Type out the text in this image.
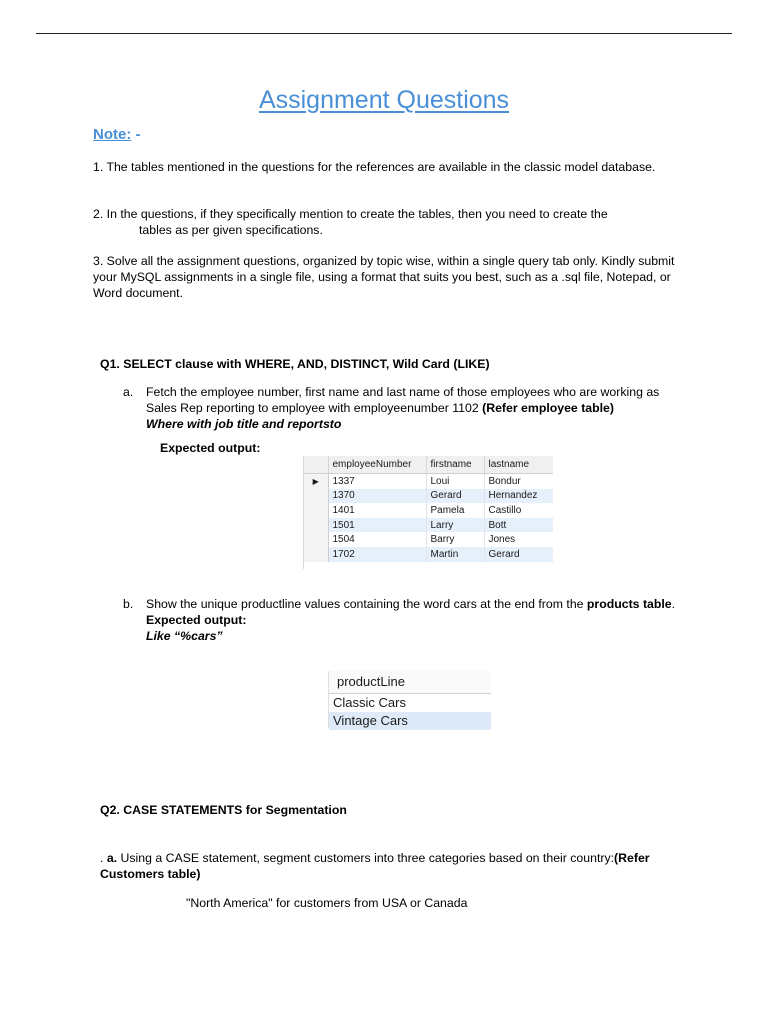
Assignment Questions
Note: -
1. The tables mentioned in the questions for the references are available in the classic model database.
2. In the questions, if they specifically mention to create the tables, then you need to create the
tables as per given specifications.
3. Solve all the assignment questions, organized by topic wise, within a single query tab only. Kindly submit your MySQL assignments in a single file, using a format that suits you best, such as a .sql file, Notepad, or Word document.
Q1. SELECT clause with WHERE, AND, DISTINCT, Wild Card (LIKE)
a. Fetch the employee number, first name and last name of those employees who are working as Sales Rep reporting to employee with employeenumber 1102 (Refer employee table)
Where with job title and reportsto
Expected output:
	employeeNumber	firstname	lastname
▶	1337	Loui	Bondur
	1370	Gerard	Hernandez
	1401	Pamela	Castillo
	1501	Larry	Bott
	1504	Barry	Jones
	1702	Martin	Gerard
b. Show the unique productline values containing the word cars at the end from the products table.
Expected output:
Like “%cars”
productLine
Classic Cars
Vintage Cars
Q2. CASE STATEMENTS for Segmentation
. a. Using a CASE statement, segment customers into three categories based on their country:(Refer Customers table)
"North America" for customers from USA or Canada
